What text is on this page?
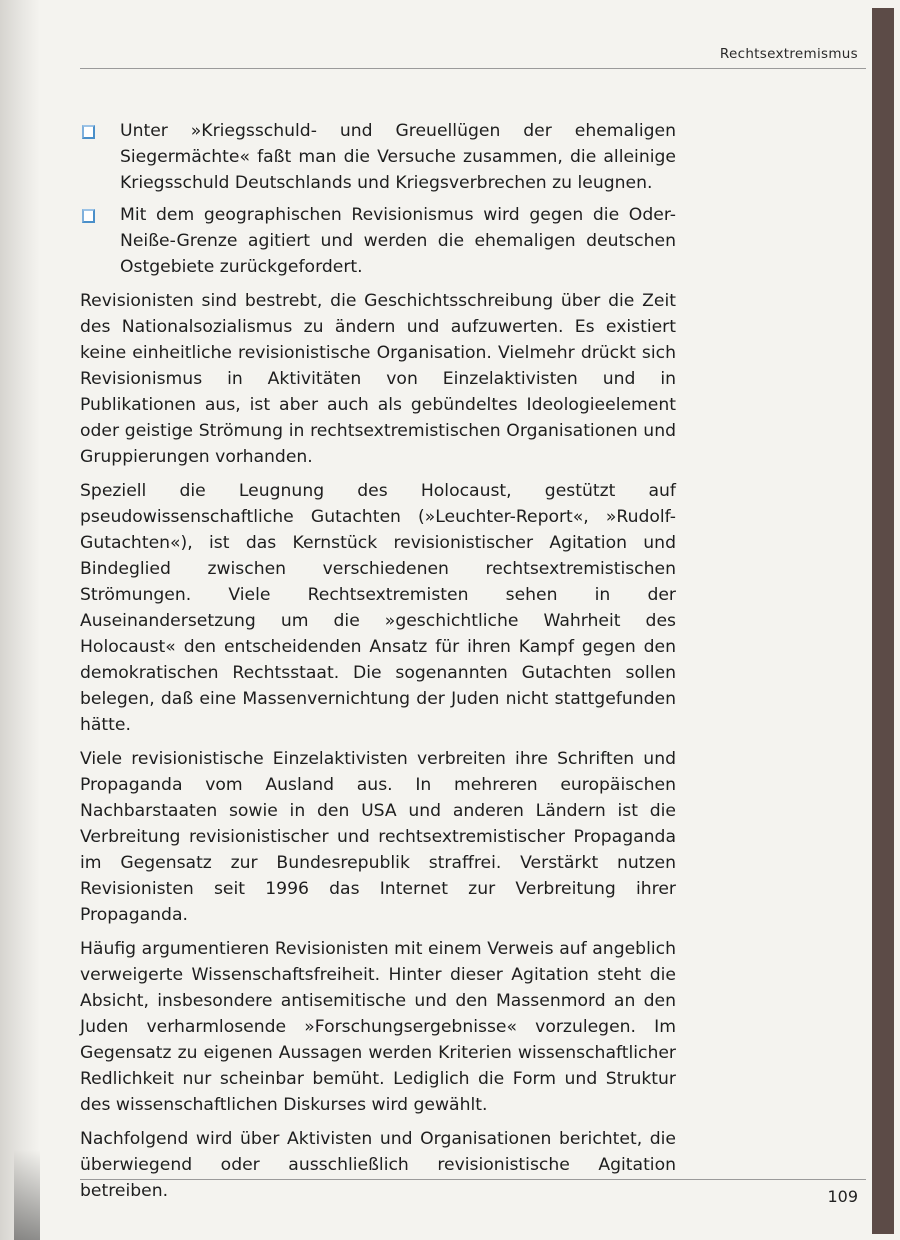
Rechtsextremismus
Unter »Kriegsschuld- und Greuellügen der ehemaligen Siegermächte« faßt man die Versuche zusammen, die alleinige Kriegsschuld Deutschlands und Kriegsverbrechen zu leugnen.
Mit dem geographischen Revisionismus wird gegen die Oder-Neiße-Grenze agitiert und werden die ehemaligen deutschen Ostgebiete zurückgefordert.

Revisionisten sind bestrebt, die Geschichtsschreibung über die Zeit des Nationalsozialismus zu ändern und aufzuwerten. Es existiert keine einheitliche revisionistische Organisation. Vielmehr drückt sich Revisionismus in Aktivitäten von Einzelaktivisten und in Publikationen aus, ist aber auch als gebündeltes Ideologieelement oder geistige Strömung in rechtsextremistischen Organisationen und Gruppierungen vorhanden.

Speziell die Leugnung des Holocaust, gestützt auf pseudowissenschaftliche Gutachten (»Leuchter-Report«, »Rudolf-Gutachten«), ist das Kernstück revisionistischer Agitation und Bindeglied zwischen verschiedenen rechtsextremistischen Strömungen. Viele Rechtsextremisten sehen in der Auseinandersetzung um die »geschichtliche Wahrheit des Holocaust« den entscheidenden Ansatz für ihren Kampf gegen den demokratischen Rechtsstaat. Die sogenannten Gutachten sollen belegen, daß eine Massenvernichtung der Juden nicht stattgefunden hätte.

Viele revisionistische Einzelaktivisten verbreiten ihre Schriften und Propaganda vom Ausland aus. In mehreren europäischen Nachbarstaaten sowie in den USA und anderen Ländern ist die Verbreitung revisionistischer und rechtsextremistischer Propaganda im Gegensatz zur Bundesrepublik straffrei. Verstärkt nutzen Revisionisten seit 1996 das Internet zur Verbreitung ihrer Propaganda.

Häufig argumentieren Revisionisten mit einem Verweis auf angeblich verweigerte Wissenschaftsfreiheit. Hinter dieser Agitation steht die Absicht, insbesondere antisemitische und den Massenmord an den Juden verharmlosende »Forschungsergebnisse« vorzulegen. Im Gegensatz zu eigenen Aussagen werden Kriterien wissenschaftlicher Redlichkeit nur scheinbar bemüht. Lediglich die Form und Struktur des wissenschaftlichen Diskurses wird gewählt.

Nachfolgend wird über Aktivisten und Organisationen berichtet, die überwiegend oder ausschließlich revisionistische Agitation betreiben.	109
